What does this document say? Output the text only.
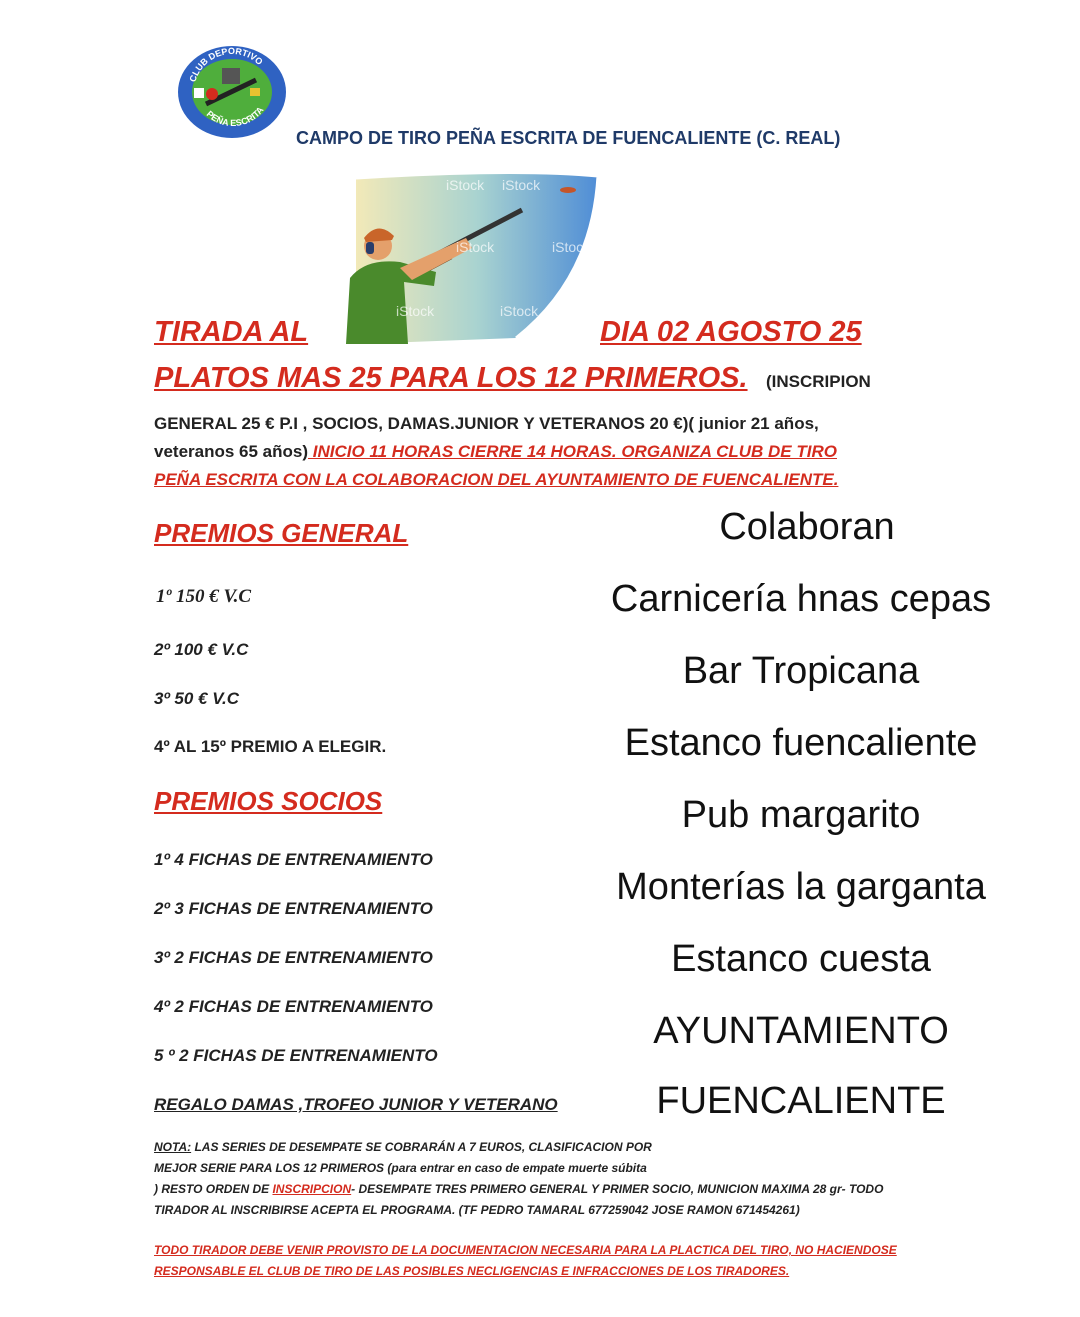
CLUB DEPORTIVO
PEÑA ESCRITA
CAMPO DE TIRO PEÑA ESCRITA DE FUENCALIENTE (C. REAL)
iStock iStock
iStock	iStock
iStock	iStock
TIRADA AL	DIA 02 AGOSTO 25
PLATOS MAS 25 PARA LOS 12 PRIMEROS. (INSCRIPION
GENERAL 25 € P.I , SOCIOS, DAMAS.JUNIOR Y VETERANOS 20 €)( junior 21 años,
veteranos 65 años) INICIO 11 HORAS CIERRE 14 HORAS. ORGANIZA CLUB DE TIRO
PEÑA ESCRITA CON LA COLABORACION DEL AYUNTAMIENTO DE FUENCALIENTE.
PREMIOS GENERAL
1º 150 € V.C
2º 100 € V.C
3º 50 € V.C
4º AL 15º PREMIO A ELEGIR.
PREMIOS SOCIOS
1º 4 FICHAS DE ENTRENAMIENTO
2º 3 FICHAS DE ENTRENAMIENTO
3º 2 FICHAS DE ENTRENAMIENTO
4º 2 FICHAS DE ENTRENAMIENTO
5 º 2 FICHAS DE ENTRENAMIENTO
REGALO DAMAS ,TROFEO JUNIOR Y VETERANO
Colaboran
Carnicería hnas cepas
Bar Tropicana
Estanco fuencaliente
Pub margarito
Monterías la garganta
Estanco cuesta
AYUNTAMIENTO
FUENCALIENTE
NOTA: LAS SERIES DE DESEMPATE SE COBRARÁN A 7 EUROS, CLASIFICACION POR
MEJOR SERIE PARA LOS 12 PRIMEROS (para entrar en caso de empate muerte súbita
) RESTO ORDEN DE INSCRIPCION- DESEMPATE TRES PRIMERO GENERAL Y PRIMER SOCIO, MUNICION MAXIMA 28 gr- TODO
TIRADOR AL INSCRIBIRSE ACEPTA EL PROGRAMA. (TF PEDRO TAMARAL 677259042 JOSE RAMON 671454261)
TODO TIRADOR DEBE VENIR PROVISTO DE LA DOCUMENTACION NECESARIA PARA LA PLACTICA DEL TIRO, NO HACIENDOSE
RESPONSABLE EL CLUB DE TIRO DE LAS POSIBLES NECLIGENCIAS E INFRACCIONES DE LOS TIRADORES.
